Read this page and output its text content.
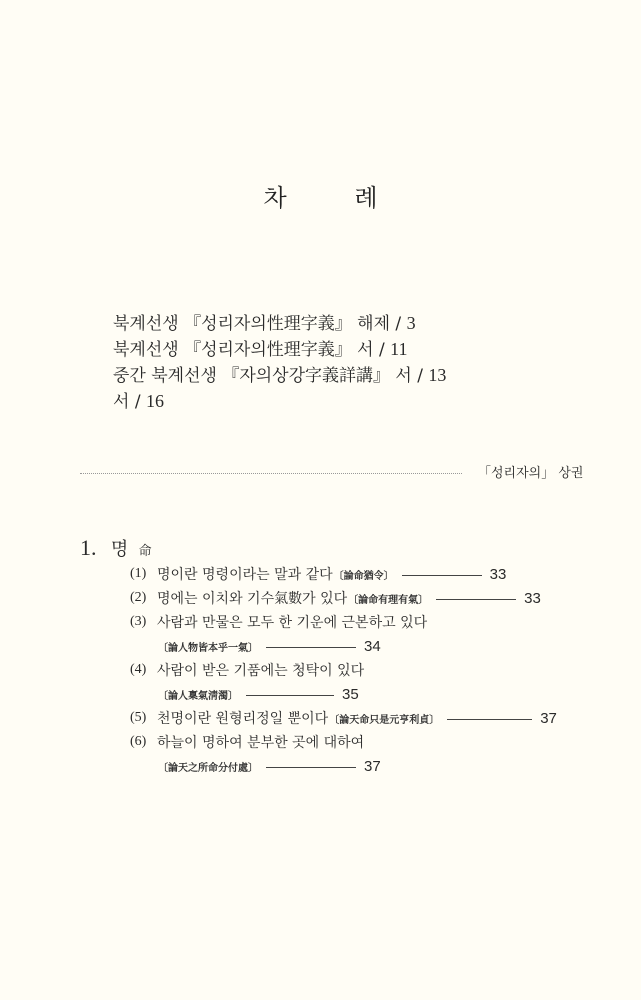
차 례
북계선생 『성리자의性理字義』 해제 / 3
북계선생 『성리자의性理字義』 서 / 11
중간 북계선생 『자의상강字義詳講』 서 / 13
서 / 16
「성리자의」 상권
1. 명 命
(1) 명이란 명령이라는 말과 같다 〔論命猶令〕	33
(2) 명에는 이치와 기수氣數가 있다 〔論命有理有氣〕	33
(3) 사람과 만물은 모두 한 기운에 근본하고 있다
〔論人物皆本乎一氣〕	34
(4) 사람이 받은 기품에는 청탁이 있다
〔論人稟氣淸濁〕	35
(5) 천명이란 원형리정일 뿐이다 〔論天命只是元亨利貞〕	37
(6) 하늘이 명하여 분부한 곳에 대하여
〔論天之所命分付處〕	37
